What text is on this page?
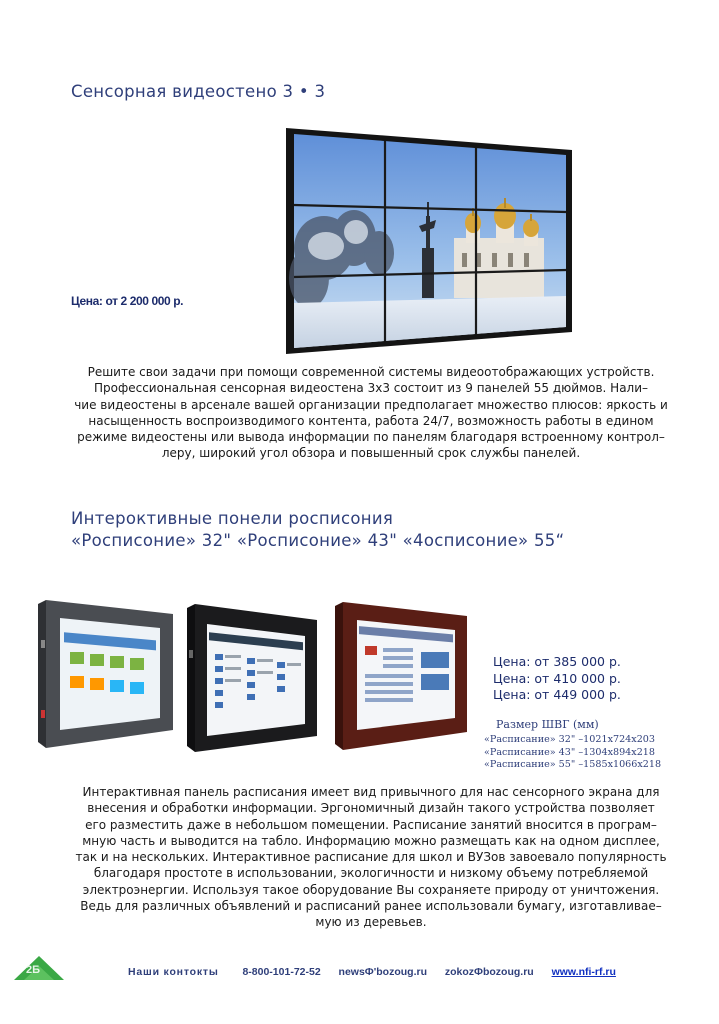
Сенсорная видеостено 3 • 3
Цена: от 2 200 000 р.
Решите свои задачи при помощи современной системы видеоотображающих устройств.
Профессиональная сенсорная видеостена 3x3 состоит из 9 панелей 55 дюймов. Нали–
чие видеостены в арсенале вашей организации предполагает множество плюсов: яркость и
насыщенность воспроизводимого контента, работа 24/7, возможность работы в едином
режиме видеостены или вывода информации по панелям благодаря встроенному контрол–
леру, широкий угол обзора и повышенный срок службы панелей.
Интероктивные понели росписония
«Росписоние» 32" «Росписоние» 43" «4осписоние» 55“
Цена: от 385 000 р.
Цена: от 410 000 р.
Цена: от 449 000 р.
Размер ШВГ (мм)
«Расписание» 32" –1021x724x203
«Расписание» 43" –1304x894x218
«Расписание» 55" –1585x1066x218
Интерактивная панель расписания имеет вид привычного для нас сенсорного экрана для
внесения и обработки информации. Эргономичный дизайн такого устройства позволяет
его разместить даже в небольшом помещении. Расписание занятий вносится в програм–
мную часть и выводится на табло. Информацию можно размещать как на одном дисплее,
так и на нескольких. Интерактивное расписание для школ и ВУЗов завоевало популярность
благодаря простоте в использовании, экологичности и низкому объему потребляемой
электроэнергии. Используя такое оборудование Вы сохраняете природу от уничтожения.
Ведь для различных объявлений и расписаний ранее использовали бумагу, изготавливае–
мую из деревьев.
2Б	Наши контокты 8-800-101-72-52 newsФ'bozoug.ru zokozФbozoug.ru www.nfi-rf.ru
